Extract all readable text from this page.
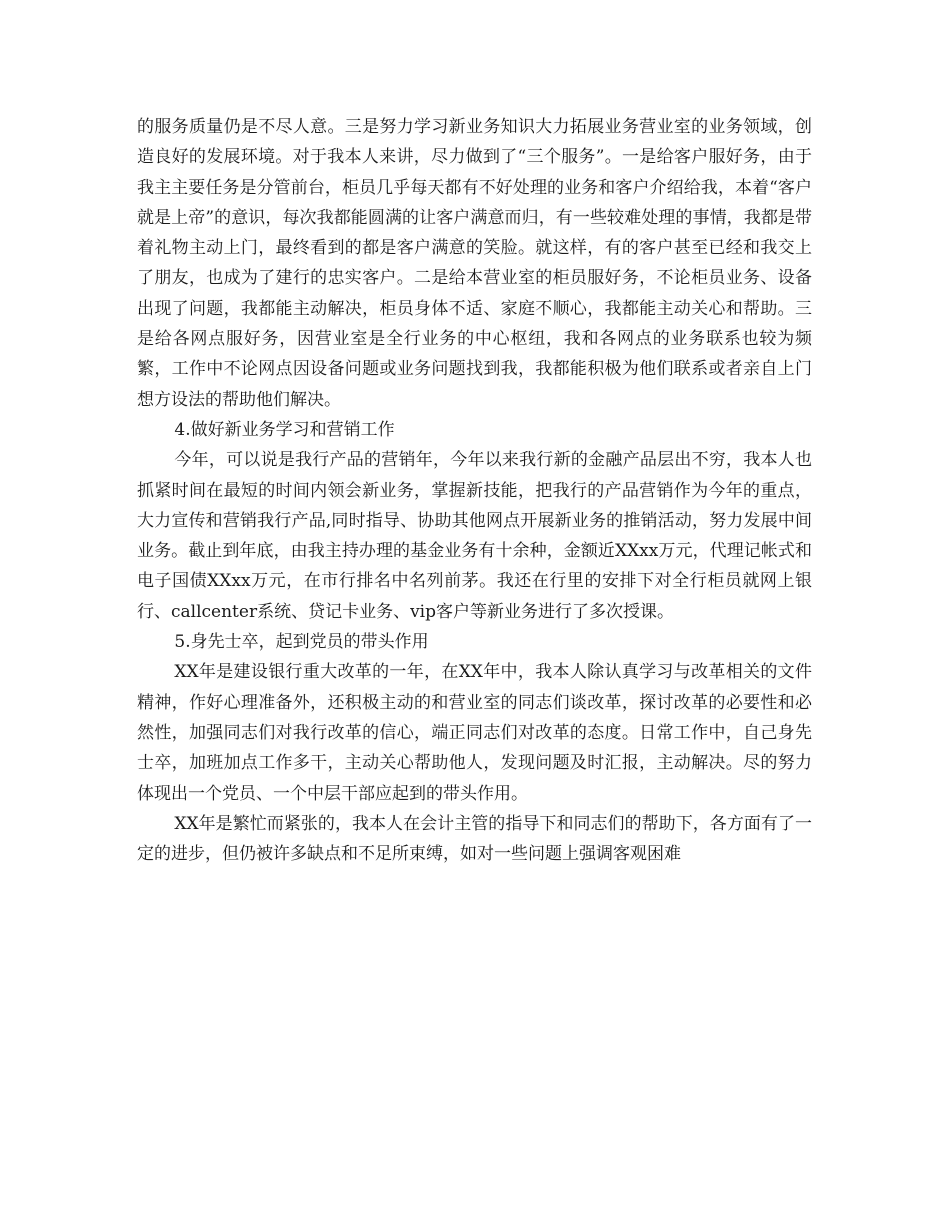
的服务质量仍是不尽人意。三是努力学习新业务知识大力拓展业务营业室的业务领域，创造良好的发展环境。对于我本人来讲，尽力做到了“三个服务”。一是给客户服好务，由于我主主要任务是分管前台，柜员几乎每天都有不好处理的业务和客户介绍给我，本着“客户就是上帝”的意识，每次我都能圆满的让客户满意而归，有一些较难处理的事情，我都是带着礼物主动上门，最终看到的都是客户满意的笑脸。就这样，有的客户甚至已经和我交上了朋友，也成为了建行的忠实客户。二是给本营业室的柜员服好务，不论柜员业务、设备出现了问题，我都能主动解决，柜员身体不适、家庭不顺心，我都能主动关心和帮助。三是给各网点服好务，因营业室是全行业务的中心枢纽，我和各网点的业务联系也较为频繁，工作中不论网点因设备问题或业务问题找到我，我都能积极为他们联系或者亲自上门想方设法的帮助他们解决。

4.做好新业务学习和营销工作

今年，可以说是我行产品的营销年，今年以来我行新的金融产品层出不穷，我本人也抓紧时间在最短的时间内领会新业务，掌握新技能，把我行的产品营销作为今年的重点，大力宣传和营销我行产品,同时指导、协助其他网点开展新业务的推销活动，努力发展中间业务。截止到年底，由我主持办理的基金业务有十余种，金额近XXxx万元，代理记帐式和电子国债XXxx万元，在市行排名中名列前茅。我还在行里的安排下对全行柜员就网上银行、callcenter系统、贷记卡业务、vip客户等新业务进行了多次授课。

5.身先士卒，起到党员的带头作用

XX年是建设银行重大改革的一年，在XX年中，我本人除认真学习与改革相关的文件精神，作好心理准备外，还积极主动的和营业室的同志们谈改革，探讨改革的必要性和必然性，加强同志们对我行改革的信心，端正同志们对改革的态度。日常工作中，自己身先士卒，加班加点工作多干，主动关心帮助他人，发现问题及时汇报，主动解决。尽的努力体现出一个党员、一个中层干部应起到的带头作用。

XX年是繁忙而紧张的，我本人在会计主管的指导下和同志们的帮助下，各方面有了一定的进步，但仍被许多缺点和不足所束缚，如对一些问题上强调客观困难
